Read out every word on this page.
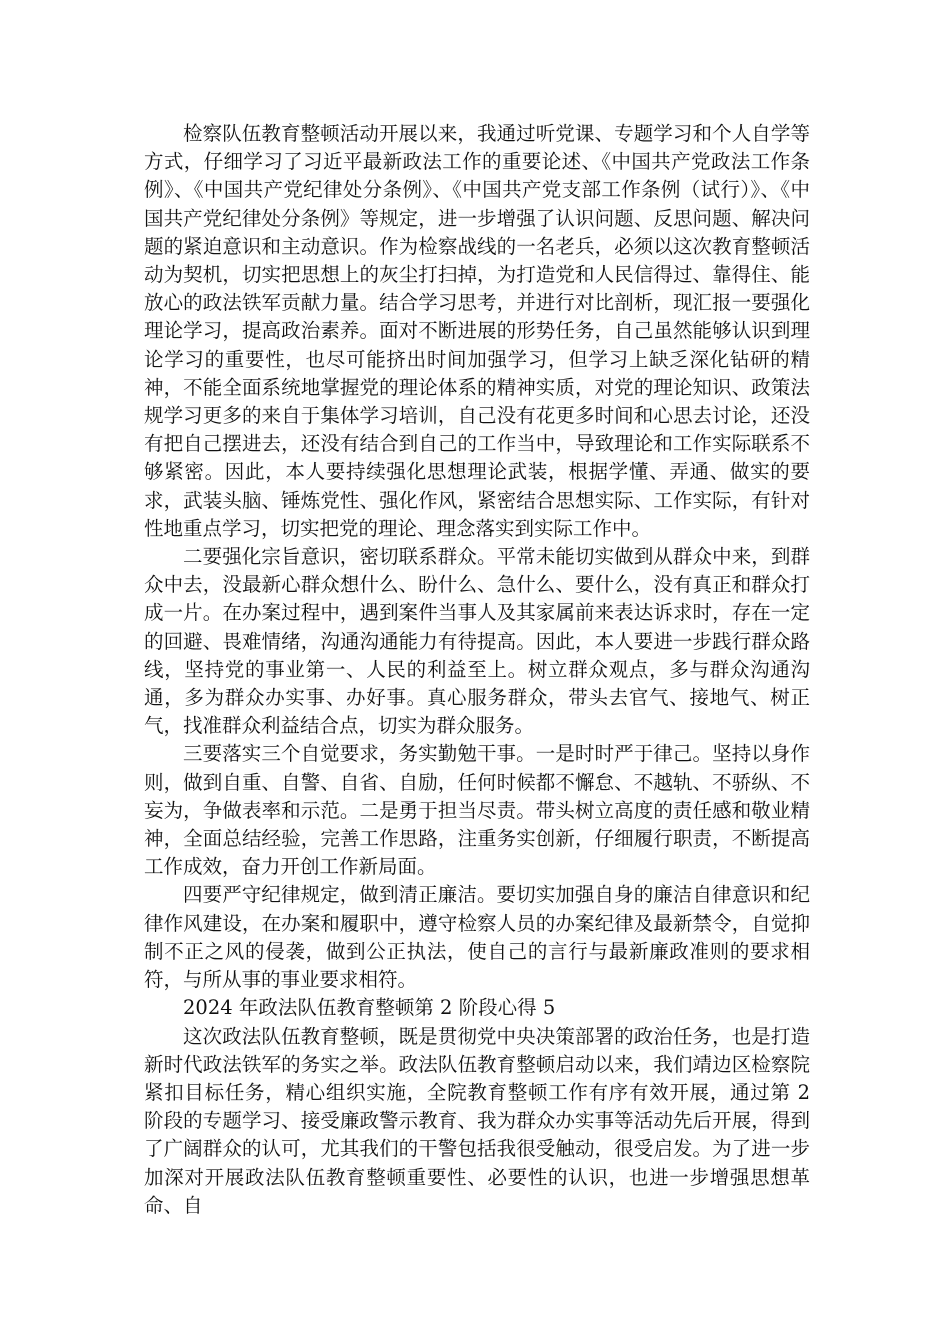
检察队伍教育整顿活动开展以来，我通过听党课、专题学习和个人自学等方式，仔细学习了习近平最新政法工作的重要论述、《中国共产党政法工作条例》、《中国共产党纪律处分条例》、《中国共产党支部工作条例（试行）》、《中国共产党纪律处分条例》等规定，进一步增强了认识问题、反思问题、解决问题的紧迫意识和主动意识。作为检察战线的一名老兵，必须以这次教育整顿活动为契机，切实把思想上的灰尘打扫掉，为打造党和人民信得过、靠得住、能放心的政法铁军贡献力量。结合学习思考，并进行对比剖析，现汇报一要强化理论学习，提高政治素养。面对不断进展的形势任务，自己虽然能够认识到理论学习的重要性，也尽可能挤出时间加强学习，但学习上缺乏深化钻研的精神，不能全面系统地掌握党的理论体系的精神实质，对党的理论知识、政策法规学习更多的来自于集体学习培训，自己没有花更多时间和心思去讨论，还没有把自己摆进去，还没有结合到自己的工作当中，导致理论和工作实际联系不够紧密。因此，本人要持续强化思想理论武装，根据学懂、弄通、做实的要求，武装头脑、锤炼党性、强化作风，紧密结合思想实际、工作实际，有针对性地重点学习，切实把党的理论、理念落实到实际工作中。

二要强化宗旨意识，密切联系群众。平常未能切实做到从群众中来，到群众中去，没最新心群众想什么、盼什么、急什么、要什么，没有真正和群众打成一片。在办案过程中，遇到案件当事人及其家属前来表达诉求时，存在一定的回避、畏难情绪，沟通沟通能力有待提高。因此，本人要进一步践行群众路线，坚持党的事业第一、人民的利益至上。树立群众观点，多与群众沟通沟通，多为群众办实事、办好事。真心服务群众，带头去官气、接地气、树正气，找准群众利益结合点，切实为群众服务。

三要落实三个自觉要求，务实勤勉干事。一是时时严于律己。坚持以身作则，做到自重、自警、自省、自励，任何时候都不懈怠、不越轨、不骄纵、不妄为，争做表率和示范。二是勇于担当尽责。带头树立高度的责任感和敬业精神，全面总结经验，完善工作思路，注重务实创新，仔细履行职责，不断提高工作成效，奋力开创工作新局面。

四要严守纪律规定，做到清正廉洁。要切实加强自身的廉洁自律意识和纪律作风建设，在办案和履职中，遵守检察人员的办案纪律及最新禁令，自觉抑制不正之风的侵袭，做到公正执法，使自己的言行与最新廉政准则的要求相符，与所从事的事业要求相符。

2024 年政法队伍教育整顿第 2 阶段心得 5

这次政法队伍教育整顿，既是贯彻党中央决策部署的政治任务，也是打造新时代政法铁军的务实之举。政法队伍教育整顿启动以来，我们靖边区检察院紧扣目标任务，精心组织实施，全院教育整顿工作有序有效开展，通过第 2 阶段的专题学习、接受廉政警示教育、我为群众办实事等活动先后开展，得到了广阔群众的认可，尤其我们的干警包括我很受触动，很受启发。为了进一步加深对开展政法队伍教育整顿重要性、必要性的认识，也进一步增强思想革命、自
